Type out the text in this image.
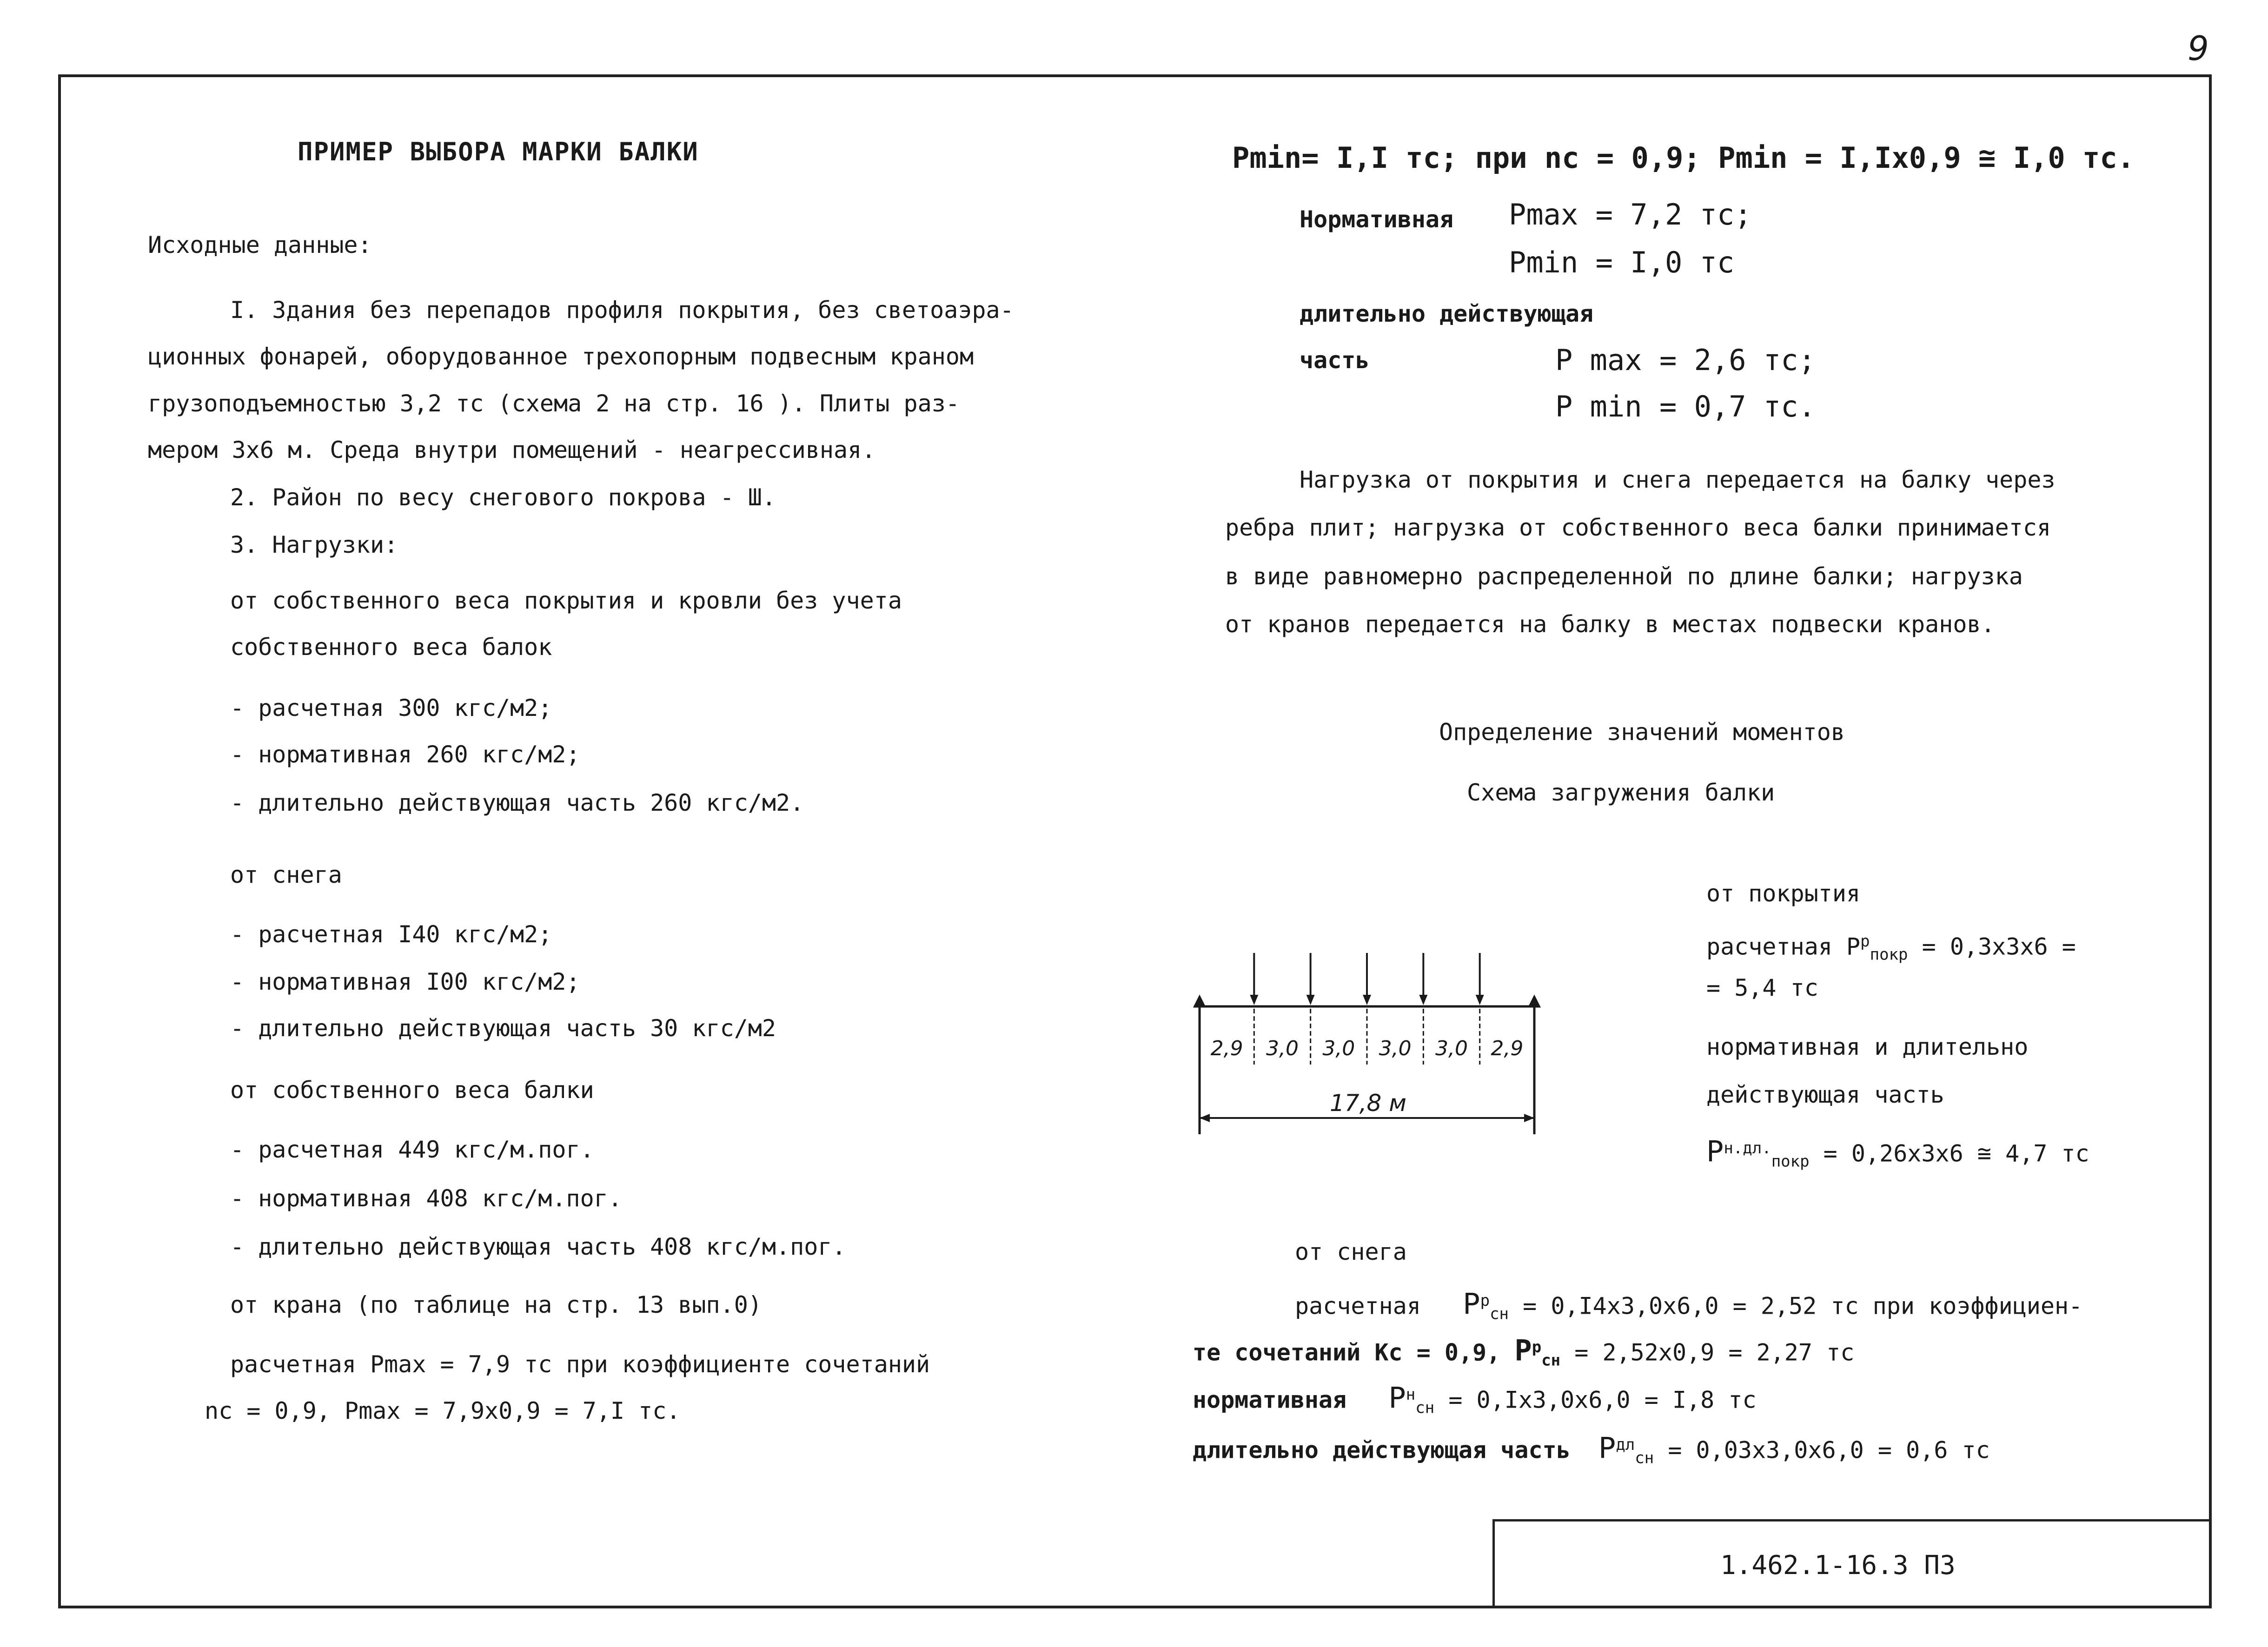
9
ПРИМЕР ВЫБОРА МАРКИ БАЛКИ
Исходные данные:
I. Здания без перепадов профиля покрытия, без светоаэра-
ционных фонарей, оборудованное трехопорным подвесным краном
грузоподъемностью 3,2 тс (схема 2 на стр. 16 ). Плиты раз-
мером 3х6 м. Среда внутри помещений - неагрессивная.
2. Район по весу снегового покрова - Ш.
3. Нагрузки:
от собственного веса покрытия и кровли без учета
собственного веса балок
- расчетная 300 кгс/м2;
- нормативная 260 кгс/м2;
- длительно действующая часть 260 кгс/м2.
от снега
- расчетная I40 кгс/м2;
- нормативная I00 кгс/м2;
- длительно действующая часть 30 кгс/м2
от собственного веса балки
- расчетная 449 кгс/м.пог.
- нормативная 408 кгс/м.пог.
- длительно действующая часть 408 кгс/м.пог.
от крана (по таблице на стр. 13 вып.0)
расчетная Pmax = 7,9 тс при коэффициенте сочетаний
nc = 0,9, Pmax = 7,9х0,9 = 7,I тс.
Pmin= I,I тс; при nc = 0,9; Pmin = I,Iх0,9 ≅ I,0 тс.
Нормативная Pmax = 7,2 тс;
Pmin = I,0 тс
длительно действующая
часть	P max = 2,6 тс;
P min = 0,7 тс.
Нагрузка от покрытия и снега передается на балку через
ребра плит; нагрузка от собственного веса балки принимается
в виде равномерно распределенной по длине балки; нагрузка
от кранов передается на балку в местах подвески кранов.
Определение значений моментов
Схема загружения балки
2,9 3,0 3,0 3,0 3,0 2,9
17,8 м
от покрытия
расчетная $P^р_{покр} = 0,3х3х6$ =
= 5,4 тс
нормативная и длительно
действующая часть
$P^{н.дл.}_{покр} = 0,26х3х6$ ≅ 4,7 тс
от снега
расчетная $P^р_{сн} = 0,I4х3,0х6,0 = 2,52$ тс при коэффициен-
те сочетаний Кс = 0,9, $P^р_{сн} = 2,52х0,9 = 2,27$ тс
нормативная $P^н_{сн} = 0,Iх3,0х6,0 = I,8$ тс
длительно действующая часть $P^{дл}_{сн} = 0,03х3,0х6,0 = 0,6$ тс
1.462.1-16.3 ПЗ
